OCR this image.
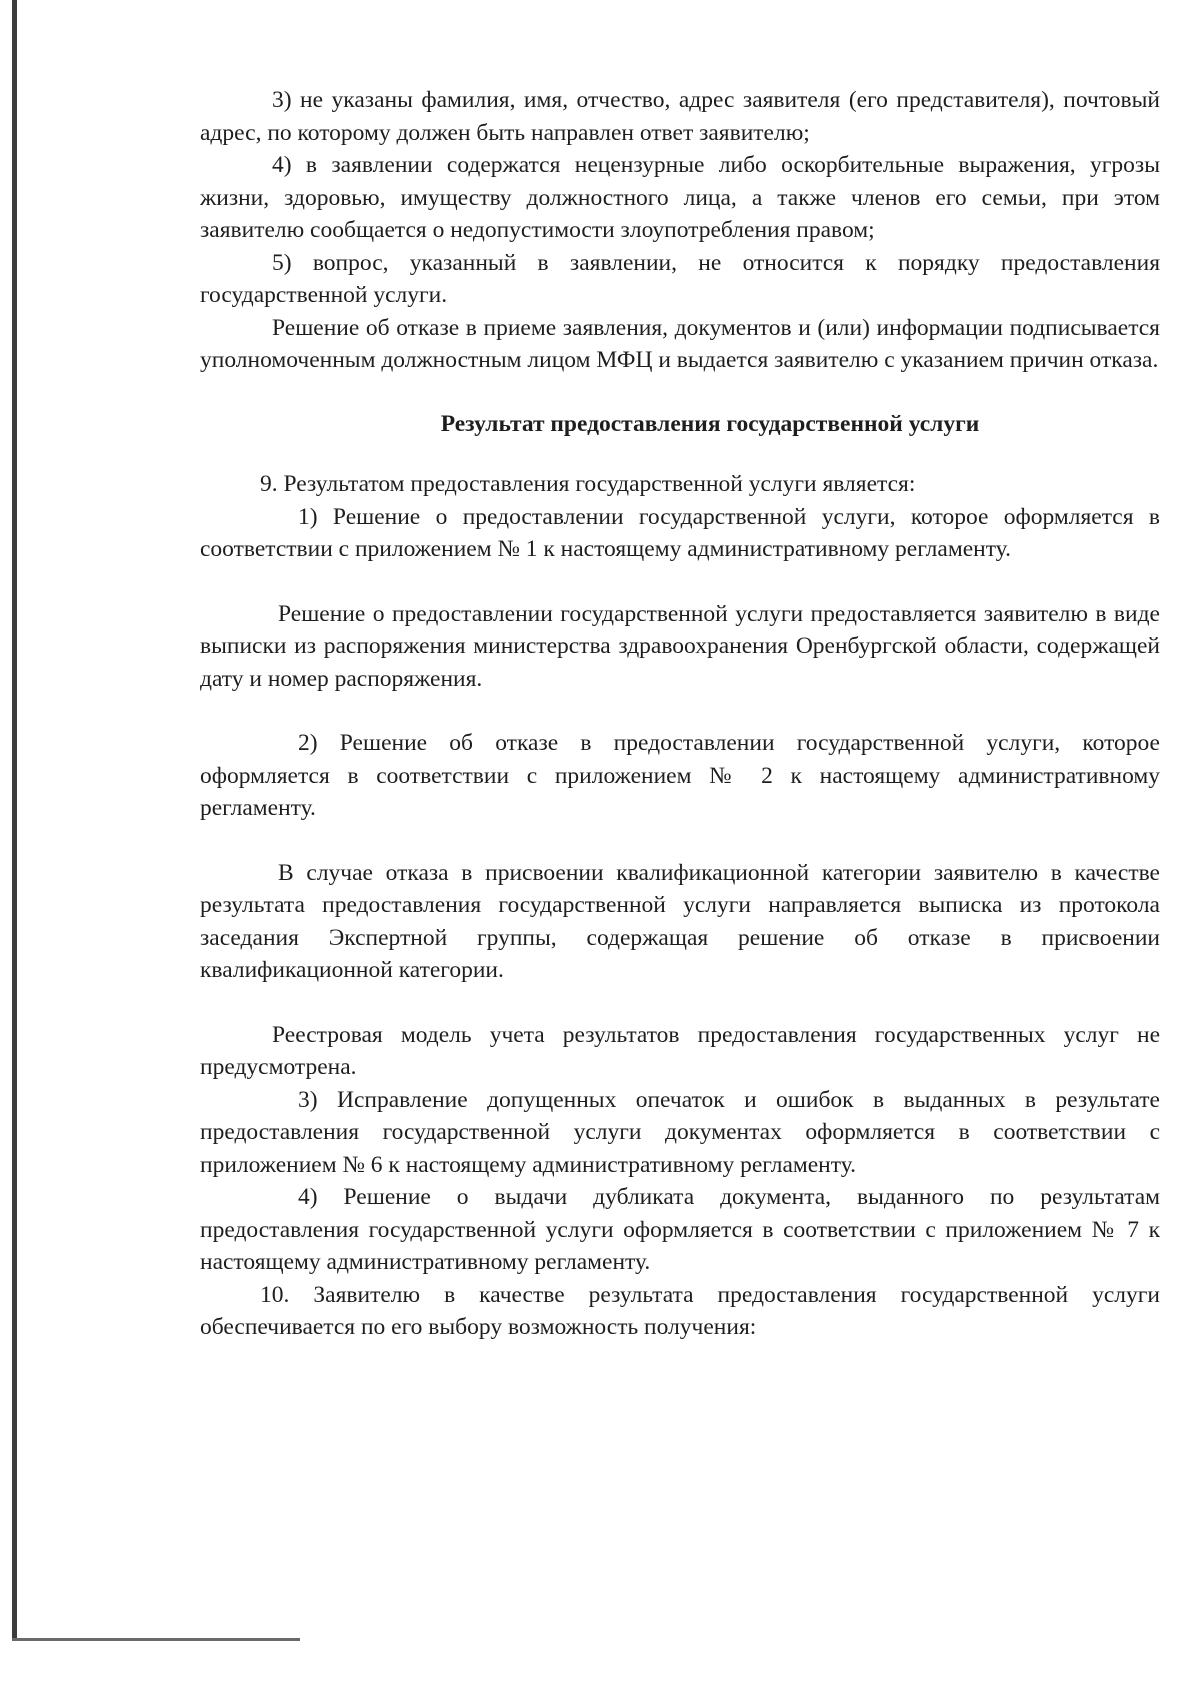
3) не указаны фамилия, имя, отчество, адрес заявителя (его представителя), почтовый адрес, по которому должен быть направлен ответ заявителю;

4) в заявлении содержатся нецензурные либо оскорбительные выражения, угрозы жизни, здоровью, имуществу должностного лица, а также членов его семьи, при этом заявителю сообщается о недопустимости злоупотребления правом;

5) вопрос, указанный в заявлении, не относится к порядку предоставления государственной услуги.

Решение об отказе в приеме заявления, документов и (или) информации подписывается уполномоченным должностным лицом МФЦ и выдается заявителю с указанием причин отказа.

Результат предоставления государственной услуги

9. Результатом предоставления государственной услуги является:

1) Решение о предоставлении государственной услуги, которое оформляется в соответствии с приложением № 1 к настоящему административному регламенту.

Решение о предоставлении государственной услуги предоставляется заявителю в виде выписки из распоряжения министерства здравоохранения Оренбургской области, содержащей дату и номер распоряжения.

2) Решение об отказе в предоставлении государственной услуги, которое оформляется в соответствии с приложением № 2 к настоящему административному регламенту.

В случае отказа в присвоении квалификационной категории заявителю в качестве результата предоставления государственной услуги направляется выписка из протокола заседания Экспертной группы, содержащая решение об отказе в присвоении квалификационной категории.

Реестровая модель учета результатов предоставления государственных услуг не предусмотрена.

3) Исправление допущенных опечаток и ошибок в выданных в результате предоставления государственной услуги документах оформляется в соответствии с приложением № 6 к настоящему административному регламенту.

4) Решение о выдачи дубликата документа, выданного по результатам предоставления государственной услуги оформляется в соответствии с приложением № 7 к настоящему административному регламенту.

10. Заявителю в качестве результата предоставления государственной услуги обеспечивается по его выбору возможность получения:
